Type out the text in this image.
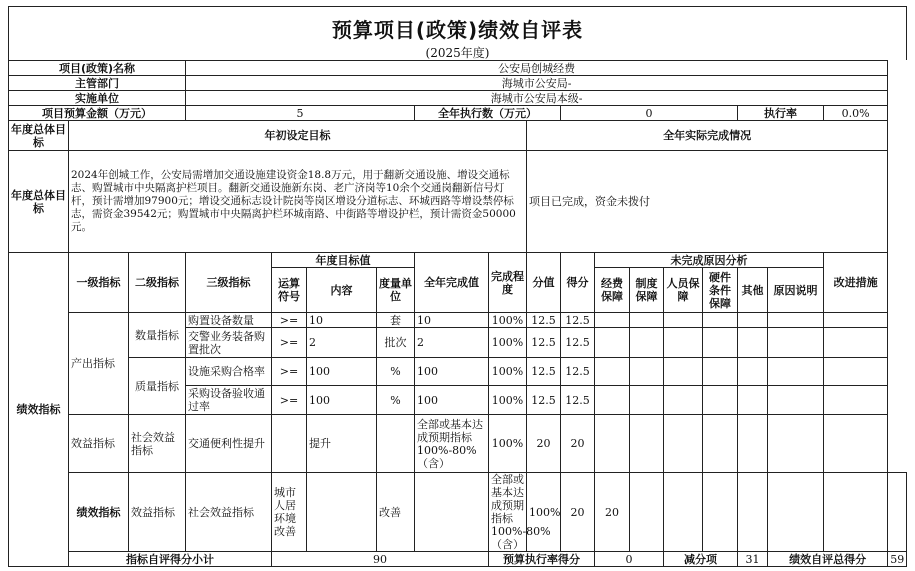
预算项目(政策)绩效自评表
(2025年度)
项目(政策)名称			公安局创城经费															
主管部门			海城市公安局-															
实施单位			海城市公安局本级-															
项目预算金额（万元）			5				全年执行数（万元）			0					执行率		0.0%	
年度总体目标	年初设定目标								全年实际完成情况									
年度总体目标	2024年创城工作，公安局需增加交通设施建设资金18.8万元，用于翻新交通设施、增设交通标志、购置城市中央隔离护栏项目。翻新交通设施新东岗、老广济岗等10余个交通岗翻新信号灯杆，预计需增加97900元；增设交通标志设计院岗等岗区增设分道标志、环城西路等增设禁停标志，需资金39542元；购置城市中央隔离护栏环城南路、中街路等增设护栏，预计需资金50000元。								项目已完成，资金未拨付									
绩效指标	一级指标	二级指标	三级指标	年度目标值			全年完成值	完成程度	分值	得分	未完成原因分析						改进措施	
				运算符号	内容	度量单位					经费保障	制度保障	人员保障	硬件条件保障	其他	原因说明		

	产出指标	数量指标	购置设备数量	>=	10	套	10	100%	12.5	12.5								
			交警业务装备购置批次	>=	2	批次	2	100%	12.5	12.5								
		质量指标	设施采购合格率	>=	100	%	100	100%	12.5	12.5								
			采购设备验收通过率	>=	100	%	100	100%	12.5	12.5								
	效益指标	社会效益指标	交通便利性提升		提升		全部或基本达成预期指标100%-80%（含）	100%	20	20								
	绩效指标	效益指标	社会效益指标	城市人居环境改善		改善		全部或基本达成预期指标100%-80%（含）	100%	20	20							
	指标自评得分小计			90				预算执行率得分			0		减分项		31	绩效自评总得分		59
